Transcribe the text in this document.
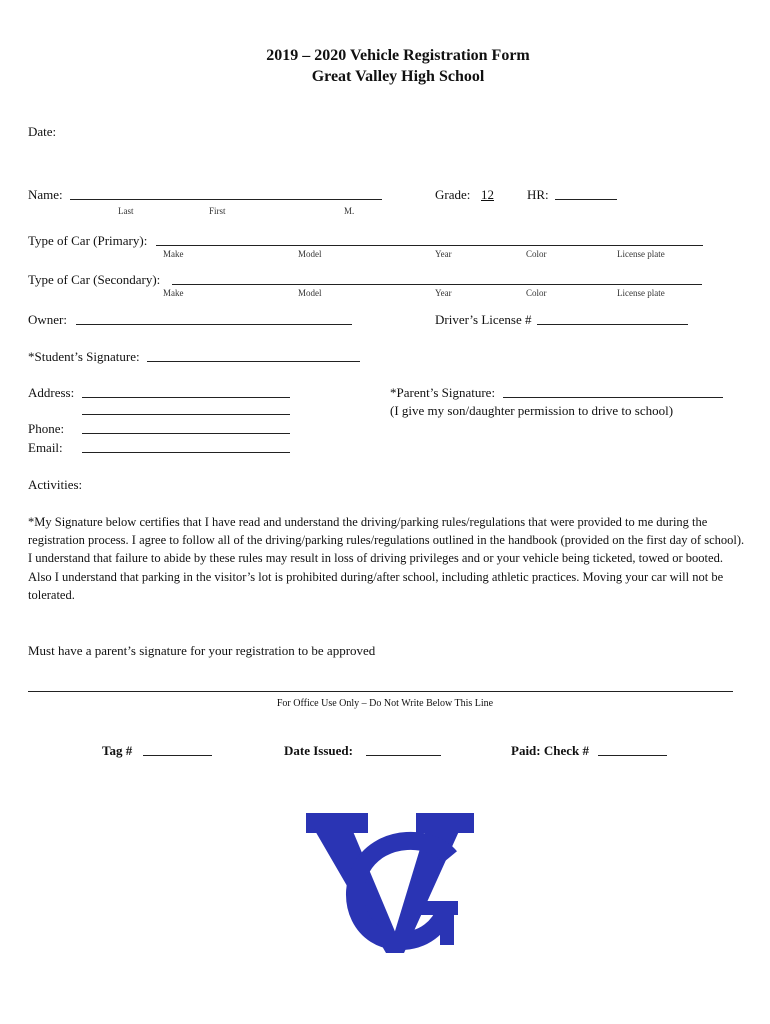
2019 – 2020 Vehicle Registration Form
Great Valley High School
Date:
Name:
Last	First	M.
Grade: 12	HR:
Type of Car (Primary):
Make	Model	Year	Color	License plate
Type of Car (Secondary):
Make	Model	Year	Color	License plate
Owner:	Driver’s License #
*Student’s Signature:
Address:	*Parent’s Signature:
(I give my son/daughter permission to drive to school)
Phone:
Email:
Activities:
*My Signature below certifies that I have read and understand the driving/parking rules/regulations that were provided to me during the registration process. I agree to follow all of the driving/parking rules/regulations outlined in the handbook (provided on the first day of school). I understand that failure to abide by these rules may result in loss of driving privileges and or your vehicle being ticketed, towed or booted. Also I understand that parking in the visitor’s lot is prohibited during/after school, including athletic practices. Moving your car will not be tolerated.
Must have a parent’s signature for your registration to be approved
For Office Use Only – Do Not Write Below This Line
Tag #	Date Issued:	Paid: Check #
